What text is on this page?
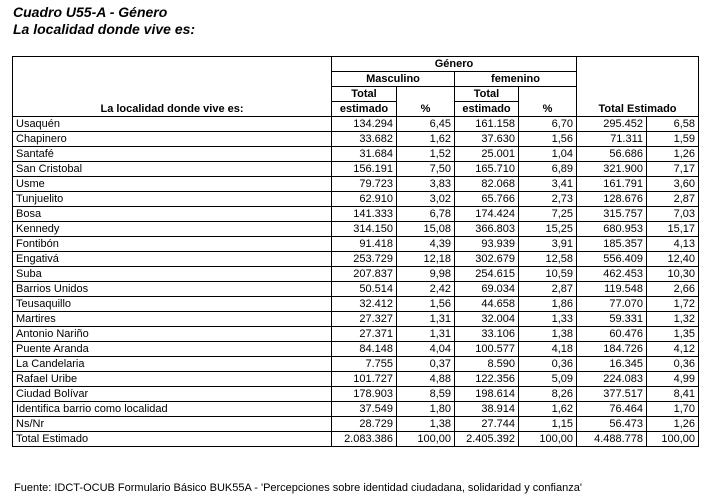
Cuadro U55-A - Género
La localidad donde vive es:
La localidad donde vive es:	Género				Total Estimado	
	Masculino		femenino			
	Total	%	Total	%		
	estimado		estimado			
Usaquén	134.294	6,45	161.158	6,70	295.452	6,58
Chapinero	33.682	1,62	37.630	1,56	71.311	1,59
Santafé	31.684	1,52	25.001	1,04	56.686	1,26
San Cristobal	156.191	7,50	165.710	6,89	321.900	7,17
Usme	79.723	3,83	82.068	3,41	161.791	3,60
Tunjuelito	62.910	3,02	65.766	2,73	128.676	2,87
Bosa	141.333	6,78	174.424	7,25	315.757	7,03
Kennedy	314.150	15,08	366.803	15,25	680.953	15,17
Fontibón	91.418	4,39	93.939	3,91	185.357	4,13
Engativá	253.729	12,18	302.679	12,58	556.409	12,40
Suba	207.837	9,98	254.615	10,59	462.453	10,30
Barrios Unidos	50.514	2,42	69.034	2,87	119.548	2,66
Teusaquillo	32.412	1,56	44.658	1,86	77.070	1,72
Martires	27.327	1,31	32.004	1,33	59.331	1,32
Antonio Nariño	27.371	1,31	33.106	1,38	60.476	1,35
Puente Aranda	84.148	4,04	100.577	4,18	184.726	4,12
La Candelaria	7.755	0,37	8.590	0,36	16.345	0,36
Rafael Uribe	101.727	4,88	122.356	5,09	224.083	4,99
Ciudad Bolívar	178.903	8,59	198.614	8,26	377.517	8,41
Identifica barrio como localidad	37.549	1,80	38.914	1,62	76.464	1,70
Ns/Nr	28.729	1,38	27.744	1,15	56.473	1,26
Total Estimado	2.083.386	100,00	2.405.392	100,00	4.488.778	100,00
Fuente: IDCT-OCUB Formulario Básico BUK55A - 'Percepciones sobre identidad ciudadana, solidaridad y confianza'
